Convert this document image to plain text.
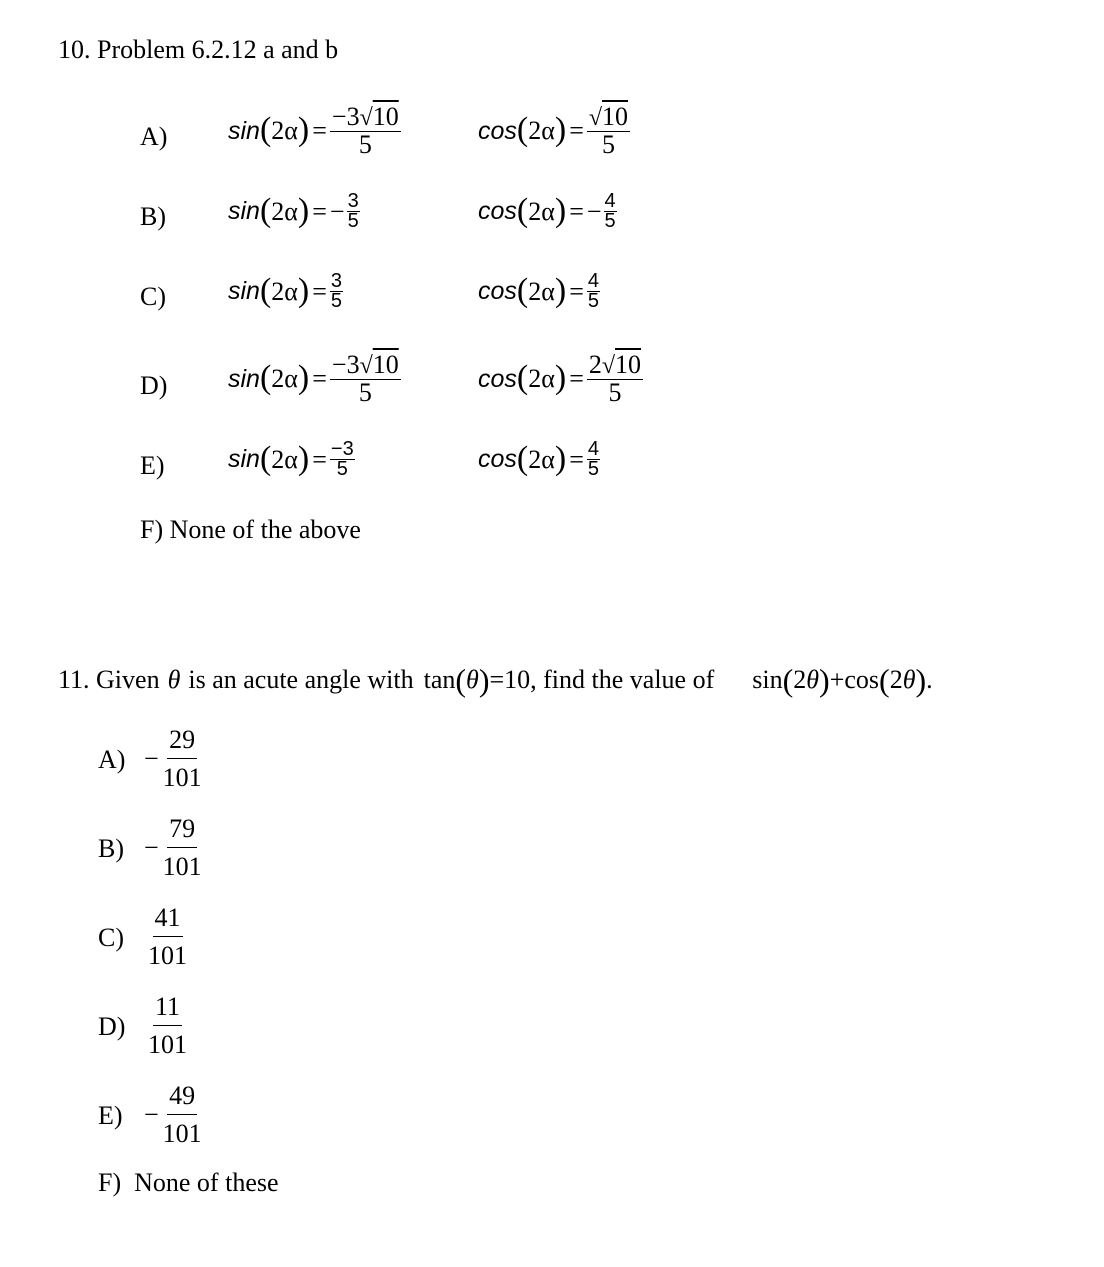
10. Problem 6.2.12 a and b
A) sin ( 2α ) = $\frac{-3√10}{5}$	cos ( 2α ) = $\frac{√10}{5}$
B) sin ( 2α ) = − $\frac{3}{5}$	cos ( 2α ) = − $\frac{4}{5}$
C) sin ( 2α ) = $\frac{3}{5}$	cos ( 2α ) = $\frac{4}{5}$
D) sin ( 2α ) = $\frac{-3√10}{5}$	cos ( 2α ) = $\frac{2√10}{5}$
E)	sin ( 2α ) = $\frac{-3}{5}$	cos ( 2α ) = $\frac{4}{5}$
F) None of the above
11. Given θ is an acute angle with tan ( θ ) =10, find the value of sin ( 2 θ ) + cos ( 2 θ ) .
$A) - \frac{29}{101}$
$B) - \frac{79}{101}$
$C) \frac{41}{101}$
$D) \frac{11}{101}$
$E) - \frac{49}{101}$
F)  None of these
